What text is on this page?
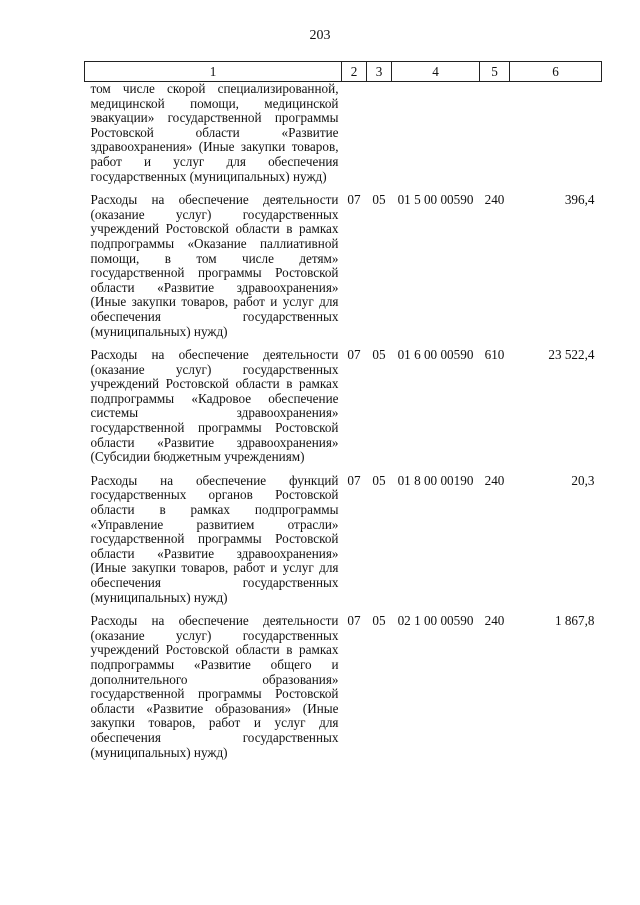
203
1	2	3	4	5	6

том числе скорой специализированной, медицинской помощи, медицинской эвакуации» государственной программы Ростовской области «Развитие здравоохранения» (Иные закупки товаров, работ и услуг для обеспечения государственных (муниципальных) нужд)					

Расходы на обеспечение деятельности (оказание услуг) государственных учреждений Ростовской области в рамках подпрограммы «Оказание паллиативной помощи, в том числе детям» государственной программы Ростовской области «Развитие здравоохранения» (Иные закупки товаров, работ и услуг для обеспечения государственных (муниципальных) нужд)	07	05	01 5 00 00590	240	396,4

Расходы на обеспечение деятельности (оказание услуг) государственных учреждений Ростовской области в рамках подпрограммы «Кадровое обеспечение системы здравоохранения» государственной программы Ростовской области «Развитие здравоохранения» (Субсидии бюджетным учреждениям)	07	05	01 6 00 00590	610	23 522,4

Расходы на обеспечение функций государственных органов Ростовской области в рамках подпрограммы «Управление развитием отрасли» государственной программы Ростовской области «Развитие здравоохранения» (Иные закупки товаров, работ и услуг для обеспечения государственных (муниципальных) нужд)	07	05	01 8 00 00190	240	20,3

Расходы на обеспечение деятельности (оказание услуг) государственных учреждений Ростовской области в рамках подпрограммы «Развитие общего и дополнительного образования» государственной программы Ростовской области «Развитие образования» (Иные закупки товаров, работ и услуг для обеспечения государственных (муниципальных) нужд)	07	05	02 1 00 00590	240	1 867,8
